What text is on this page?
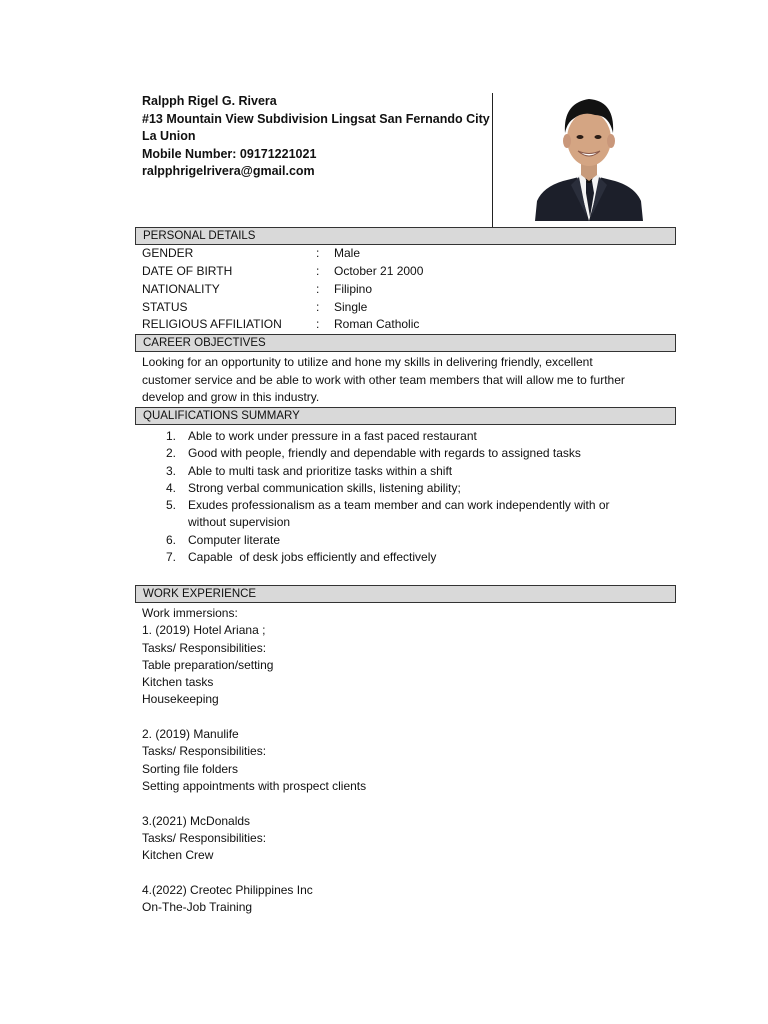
Ralpph Rigel G. Rivera
#13 Mountain View Subdivision Lingsat San Fernando City
La Union
Mobile Number: 09171221021
ralpphrigelrivera@gmail.com
PERSONAL DETAILS
GENDER	: Male
DATE OF BIRTH	: October 21 2000
NATIONALITY	: Filipino
STATUS	: Single
RELIGIOUS AFFILIATION	: Roman Catholic
CAREER OBJECTIVES
Looking for an opportunity to utilize and hone my skills in delivering friendly, excellent
customer service and be able to work with other team members that will allow me to further
develop and grow in this industry.
QUALIFICATIONS SUMMARY
1. Able to work under pressure in a fast paced restaurant
2. Good with people, friendly and dependable with regards to assigned tasks
3. Able to multi task and prioritize tasks within a shift
4. Strong verbal communication skills, listening ability;
5. Exudes professionalism as a team member and can work independently with or
without supervision
6. Computer literate
7. Capable  of desk jobs efficiently and effectively
WORK EXPERIENCE
Work immersions:
1. (2019) Hotel Ariana ;
Tasks/ Responsibilities:
Table preparation/setting
Kitchen tasks
Housekeeping
2. (2019) Manulife
Tasks/ Responsibilities:
Sorting file folders
Setting appointments with prospect clients
3.(2021) McDonalds
Tasks/ Responsibilities:
Kitchen Crew
4.(2022) Creotec Philippines Inc
On-The-Job Training
